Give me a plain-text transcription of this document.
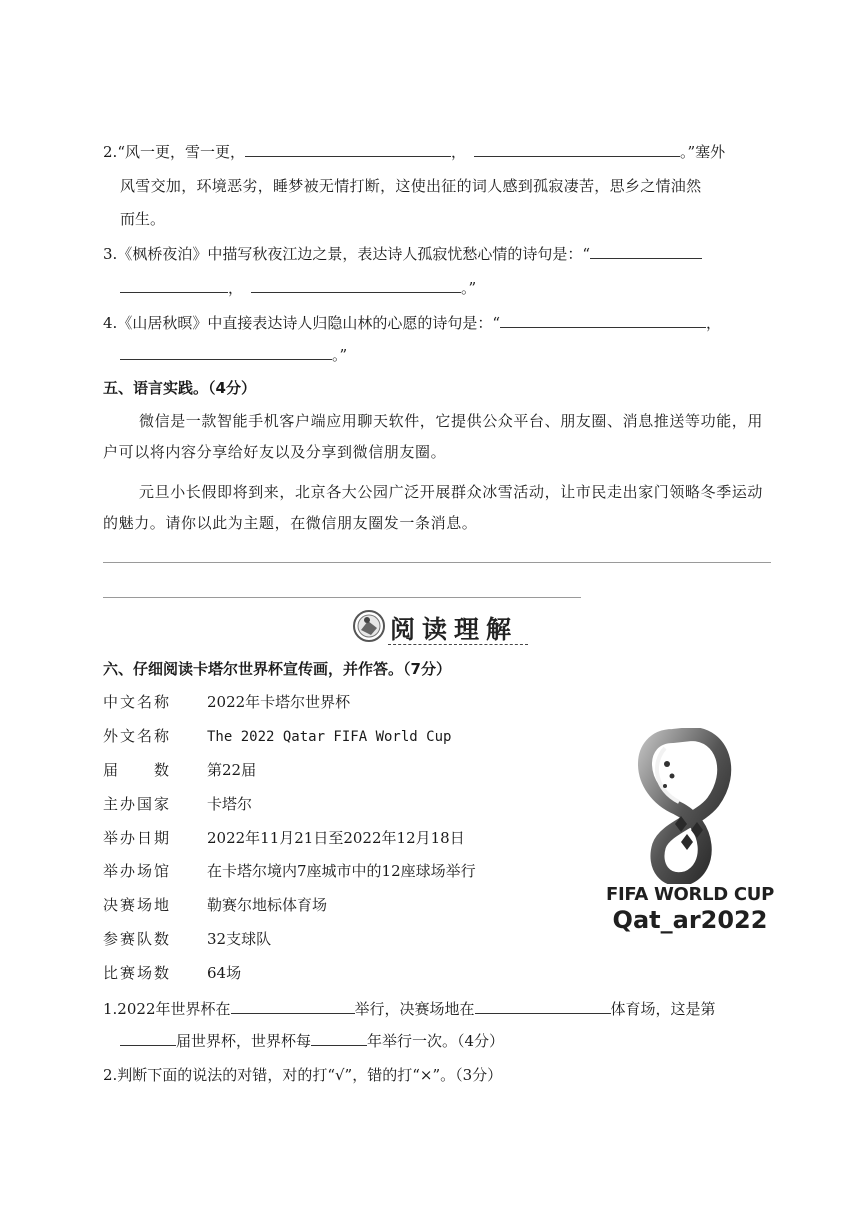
2.“风一更，雪一更，	，	。”塞外
风雪交加，环境恶劣，睡梦被无情打断，这使出征的词人感到孤寂凄苦，思乡之情油然
而生。
3.《枫桥夜泊》中描写秋夜江边之景，表达诗人孤寂忧愁心情的诗句是：“
，	。”
4.《山居秋暝》中直接表达诗人归隐山林的心愿的诗句是：“	，
。”
五、语言实践。（4分）
微信是一款智能手机客户端应用聊天软件，它提供公众平台、朋友圈、消息推送等功能，用户可以将内容分享给好友以及分享到微信朋友圈。
元旦小长假即将到来，北京各大公园广泛开展群众冰雪活动，让市民走出家门领略冬季运动的魅力。请你以此为主题，在微信朋友圈发一条消息。
阅读理解
六、仔细阅读卡塔尔世界杯宣传画，并作答。（7分）
中文名称 2022年卡塔尔世界杯
外文名称	The 2022 Qatar FIFA World Cup
届　　数 第22届
主办国家 卡塔尔
举办日期 2022年11月21日至2022年12月18日
举办场馆 在卡塔尔境内7座城市中的12座球场举行
决赛场地 勒赛尔地标体育场
参赛队数 32支球队
比赛场数 64场
FIFA WORLD CUP
Qat_ar2022
1.2022年世界杯在	举行，决赛场地在	体育场，这是第
届世界杯，世界杯每	年举行一次。（4分）
2.判断下面的说法的对错，对的打“√”，错的打“×”。（3分）
